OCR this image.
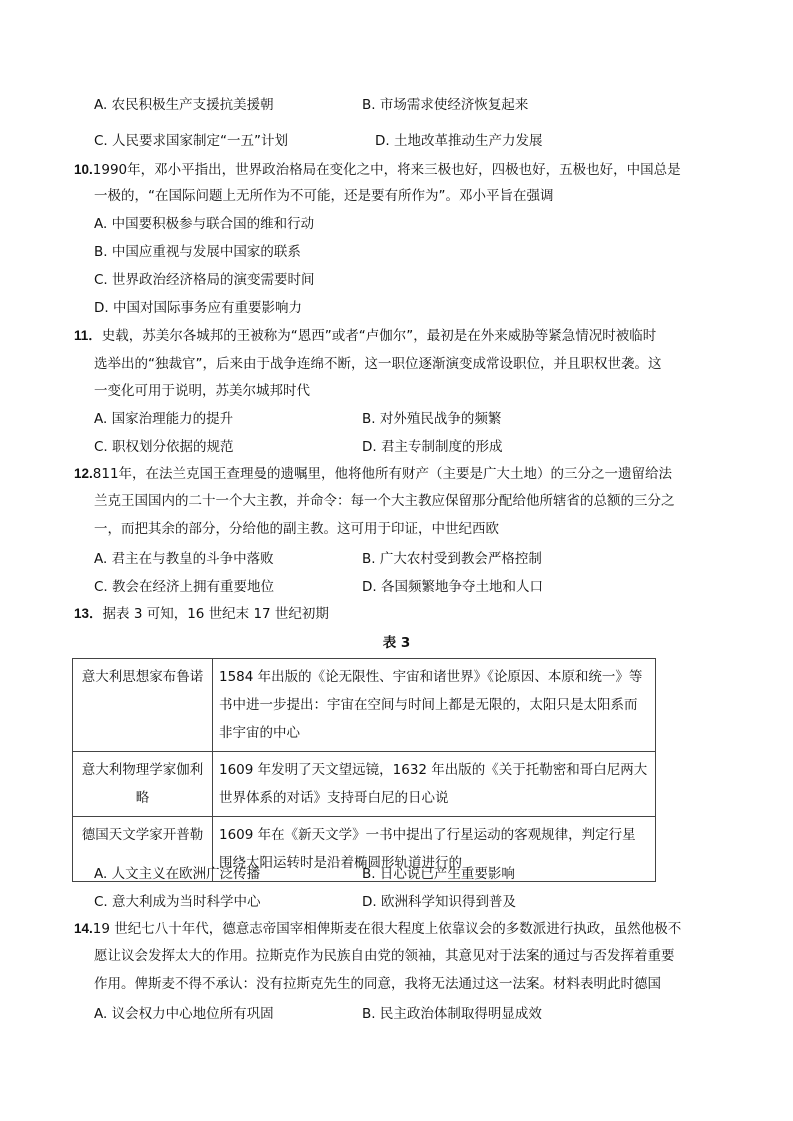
A. 农民积极生产支援抗美援朝	B. 市场需求使经济恢复起来
C. 人民要求国家制定“一五”计划	D. 土地改革推动生产力发展
10.1990年，邓小平指出，世界政治格局在变化之中，将来三极也好，四极也好，五极也好，中国总是
一极的，“在国际问题上无所作为不可能，还是要有所作为”。邓小平旨在强调
A. 中国要积极参与联合国的维和行动
B. 中国应重视与发展中国家的联系
C. 世界政治经济格局的演变需要时间
D. 中国对国际事务应有重要影响力
11．史载，苏美尔各城邦的王被称为“恩西”或者“卢伽尔”，最初是在外来威胁等紧急情况时被临时
选举出的“独裁官”，后来由于战争连绵不断，这一职位逐渐演变成常设职位，并且职权世袭。这
一变化可用于说明，苏美尔城邦时代
A. 国家治理能力的提升	B. 对外殖民战争的频繁
C. 职权划分依据的规范	D. 君主专制制度的形成
12.811年，在法兰克国王查理曼的遗嘱里，他将他所有财产（主要是广大土地）的三分之一遗留给法
兰克王国国内的二十一个大主教，并命令：每一个大主教应保留那分配给他所辖省的总额的三分之
一，而把其余的部分，分给他的副主教。这可用于印证，中世纪西欧
A. 君主在与教皇的斗争中落败	B. 广大农村受到教会严格控制
C. 教会在经济上拥有重要地位	D. 各国频繁地争夺土地和人口
13．据表 3 可知，16 世纪末 17 世纪初期
表 3
意大利思想家布鲁诺	1584 年出版的《论无限性、宇宙和诸世界》《论原因、本原和统一》等书中进一步提出：宇宙在空间与时间上都是无限的，太阳只是太阳系而非宇宙的中心
意大利物理学家伽利略	1609 年发明了天文望远镜，1632 年出版的《关于托勒密和哥白尼两大世界体系的对话》支持哥白尼的日心说
德国天文学家开普勒	1609 年在《新天文学》一书中提出了行星运动的客观规律，判定行星围绕太阳运转时是沿着椭圆形轨道进行的
A. 人文主义在欧洲广泛传播	B. 日心说已产生重要影响
C. 意大利成为当时科学中心	D. 欧洲科学知识得到普及
14.19 世纪七八十年代，德意志帝国宰相俾斯麦在很大程度上依靠议会的多数派进行执政，虽然他极不
愿让议会发挥太大的作用。拉斯克作为民族自由党的领袖，其意见对于法案的通过与否发挥着重要
作用。俾斯麦不得不承认：没有拉斯克先生的同意，我将无法通过这一法案。材料表明此时德国
A. 议会权力中心地位所有巩固	B. 民主政治体制取得明显成效
